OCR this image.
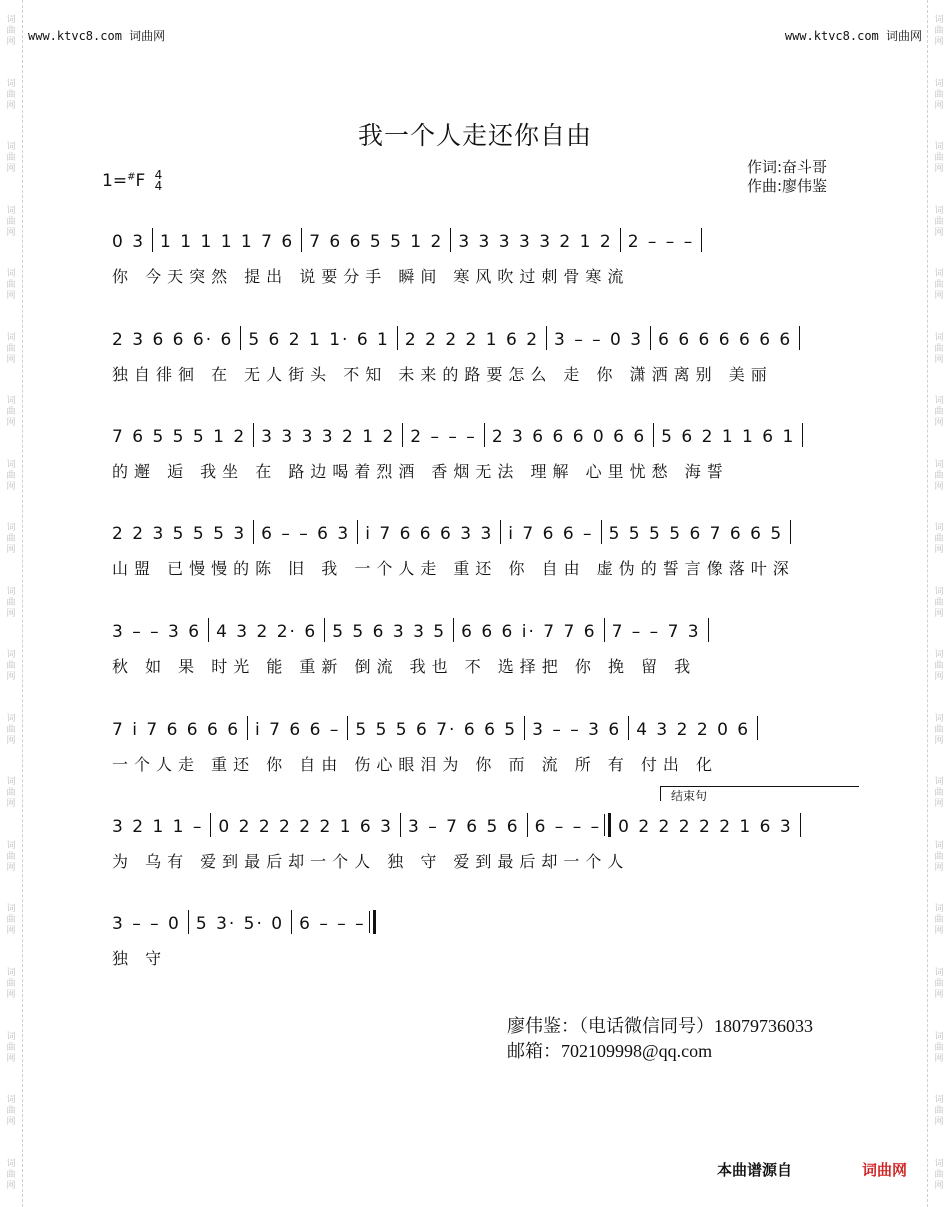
词曲网
词曲网
词曲网
词曲网
词曲网
词曲网
词曲网
词曲网
词曲网
词曲网
词曲网
词曲网
词曲网
词曲网
词曲网
词曲网
词曲网
词曲网
词曲网
词曲网
词曲网
词曲网
词曲网
词曲网
词曲网
词曲网
词曲网
词曲网
词曲网
词曲网
词曲网
词曲网
词曲网
词曲网
词曲网
词曲网
词曲网
词曲网
www.ktvc8.com 词曲网	www.ktvc8.com 词曲网
我一个人走还你自由
1=#F 4
4
作词:奋斗哥
作曲:廖伟鉴
0 3 1 1 1 1 1 7 6 7 6 6 5 5 1 2 3 3 3 3 3 2 1 2 2 – – –
你 今天突然 提出 说要分手 瞬间 寒风吹过刺骨寒流
2 3 6 6 6· 6 5 6 2 1 1· 6 1 2 2 2 2 1 6 2 3 – – 0 3 6 6 6 6 6 6 6
独自徘徊 在 无人街头 不知 未来的路要怎么 走 你 潇洒离别 美丽
7 6 5 5 5 1 2 3 3 3 3 2 1 2 2 – – – 2 3 6 6 6 0 6 6 5 6 2 1 1 6 1
的邂 逅 我坐 在 路边喝着烈酒 香烟无法 理解 心里忧愁 海誓
2 2 3 5 5 5 3 6 – – 6 3 i 7 6 6 6 3 3 i 7 6 6 – 5 5 5 5 6 7 6 6 5
山盟 已慢慢的陈 旧 我 一个人走 重还 你 自由 虚伪的誓言像落叶深
3 – – 3 6 4 3 2 2· 6 5 5 6 3 3 5 6 6 6 i· 7 7 6 7 – – 7 3
秋 如 果 时光 能 重新 倒流 我也 不 选择把 你 挽 留 我
7 i 7 6 6 6 6 i 7 6 6 – 5 5 5 6 7· 6 6 5 3 – – 3 6 4 3 2 2 0 6
一个人走 重还 你 自由 伤心眼泪为 你 而 流 所 有 付出 化
3 2 1 1 – 0 2 2 2 2 2 1 6 3 3 – 7 6 5 6 6 – – – 0 2 2 2 2 2 1 6 3
为 乌有 爱到最后却一个人 独 守 爱到最后却一个人
3 – – 0 5 3· 5· 0 6 – – –
独 守
结束句
廖伟鉴：（电话微信同号）18079736033
邮箱：702109998@qq.com
本曲谱源自	词曲网
